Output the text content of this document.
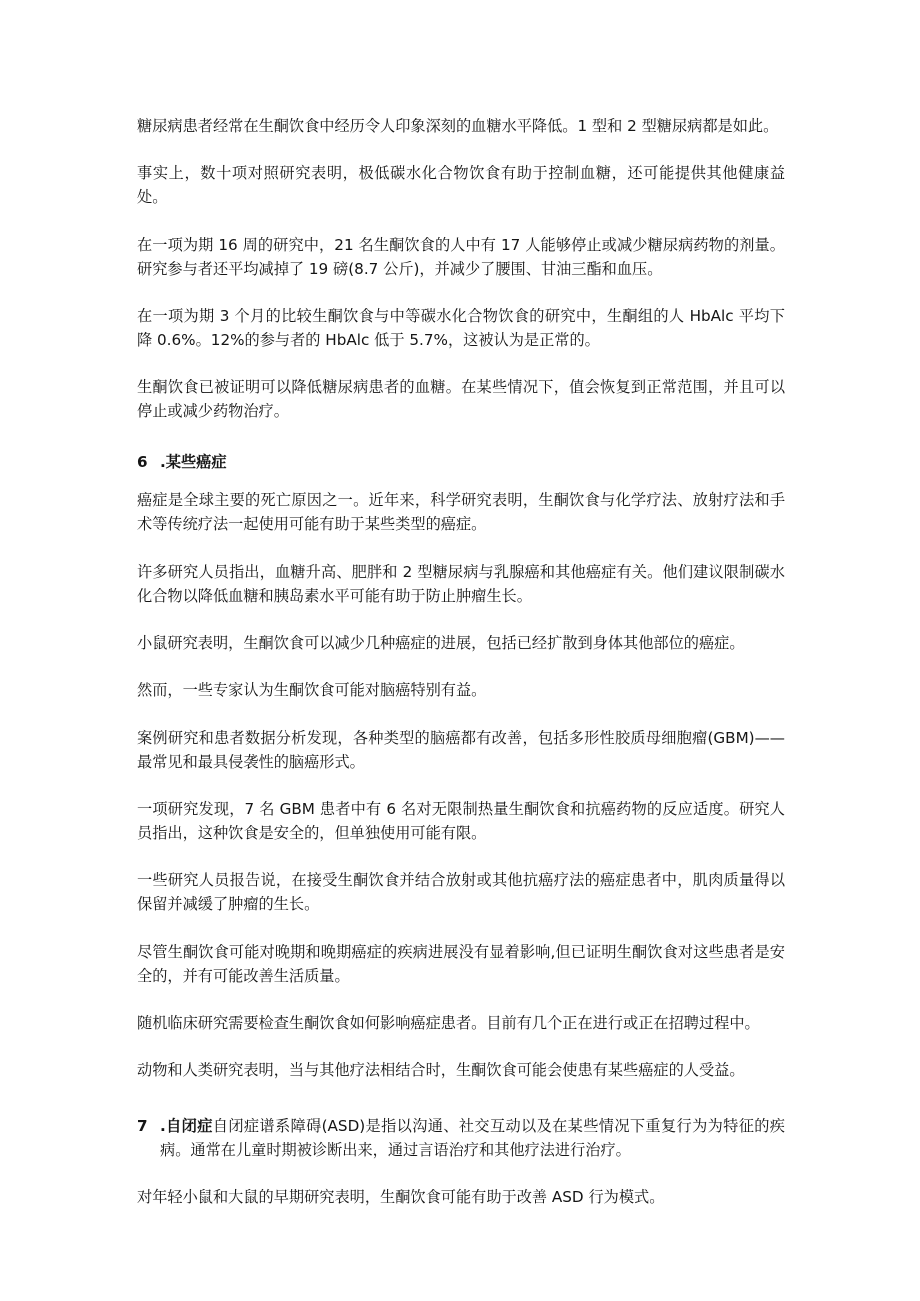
糖尿病患者经常在生酮饮食中经历令人印象深刻的血糖水平降低。1 型和 2 型糖尿病都是如此。

事实上，数十项对照研究表明，极低碳水化合物饮食有助于控制血糖，还可能提供其他健康益处。

在一项为期 16 周的研究中，21 名生酮饮食的人中有 17 人能够停止或减少糖尿病药物的剂量。研究参与者还平均减掉了 19 磅(8.7 公斤)，并减少了腰围、甘油三酯和血压。

在一项为期 3 个月的比较生酮饮食与中等碳水化合物饮食的研究中，生酮组的人 HbAlc 平均下降 0.6%。12%的参与者的 HbAlc 低于 5.7%，这被认为是正常的。

生酮饮食已被证明可以降低糖尿病患者的血糖。在某些情况下，值会恢复到正常范围，并且可以停止或减少药物治疗。

6 .某些癌症

癌症是全球主要的死亡原因之一。近年来，科学研究表明，生酮饮食与化学疗法、放射疗法和手术等传统疗法一起使用可能有助于某些类型的癌症。

许多研究人员指出，血糖升高、肥胖和 2 型糖尿病与乳腺癌和其他癌症有关。他们建议限制碳水化合物以降低血糖和胰岛素水平可能有助于防止肿瘤生长。

小鼠研究表明，生酮饮食可以减少几种癌症的进展，包括已经扩散到身体其他部位的癌症。

然而，一些专家认为生酮饮食可能对脑癌特别有益。

案例研究和患者数据分析发现，各种类型的脑癌都有改善，包括多形性胶质母细胞瘤(GBM)——最常见和最具侵袭性的脑癌形式。

一项研究发现，7 名 GBM 患者中有 6 名对无限制热量生酮饮食和抗癌药物的反应适度。研究人员指出，这种饮食是安全的，但单独使用可能有限。

一些研究人员报告说，在接受生酮饮食并结合放射或其他抗癌疗法的癌症患者中，肌肉质量得以保留并减缓了肿瘤的生长。

尽管生酮饮食可能对晚期和晚期癌症的疾病进展没有显着影响,但已证明生酮饮食对这些患者是安全的，并有可能改善生活质量。

随机临床研究需要检查生酮饮食如何影响癌症患者。目前有几个正在进行或正在招聘过程中。

动物和人类研究表明，当与其他疗法相结合时，生酮饮食可能会使患有某些癌症的人受益。

7 .自闭症自闭症谱系障碍(ASD)是指以沟通、社交互动以及在某些情况下重复行为为特征的疾病。通常在儿童时期被诊断出来，通过言语治疗和其他疗法进行治疗。

对年轻小鼠和大鼠的早期研究表明，生酮饮食可能有助于改善 ASD 行为模式。
